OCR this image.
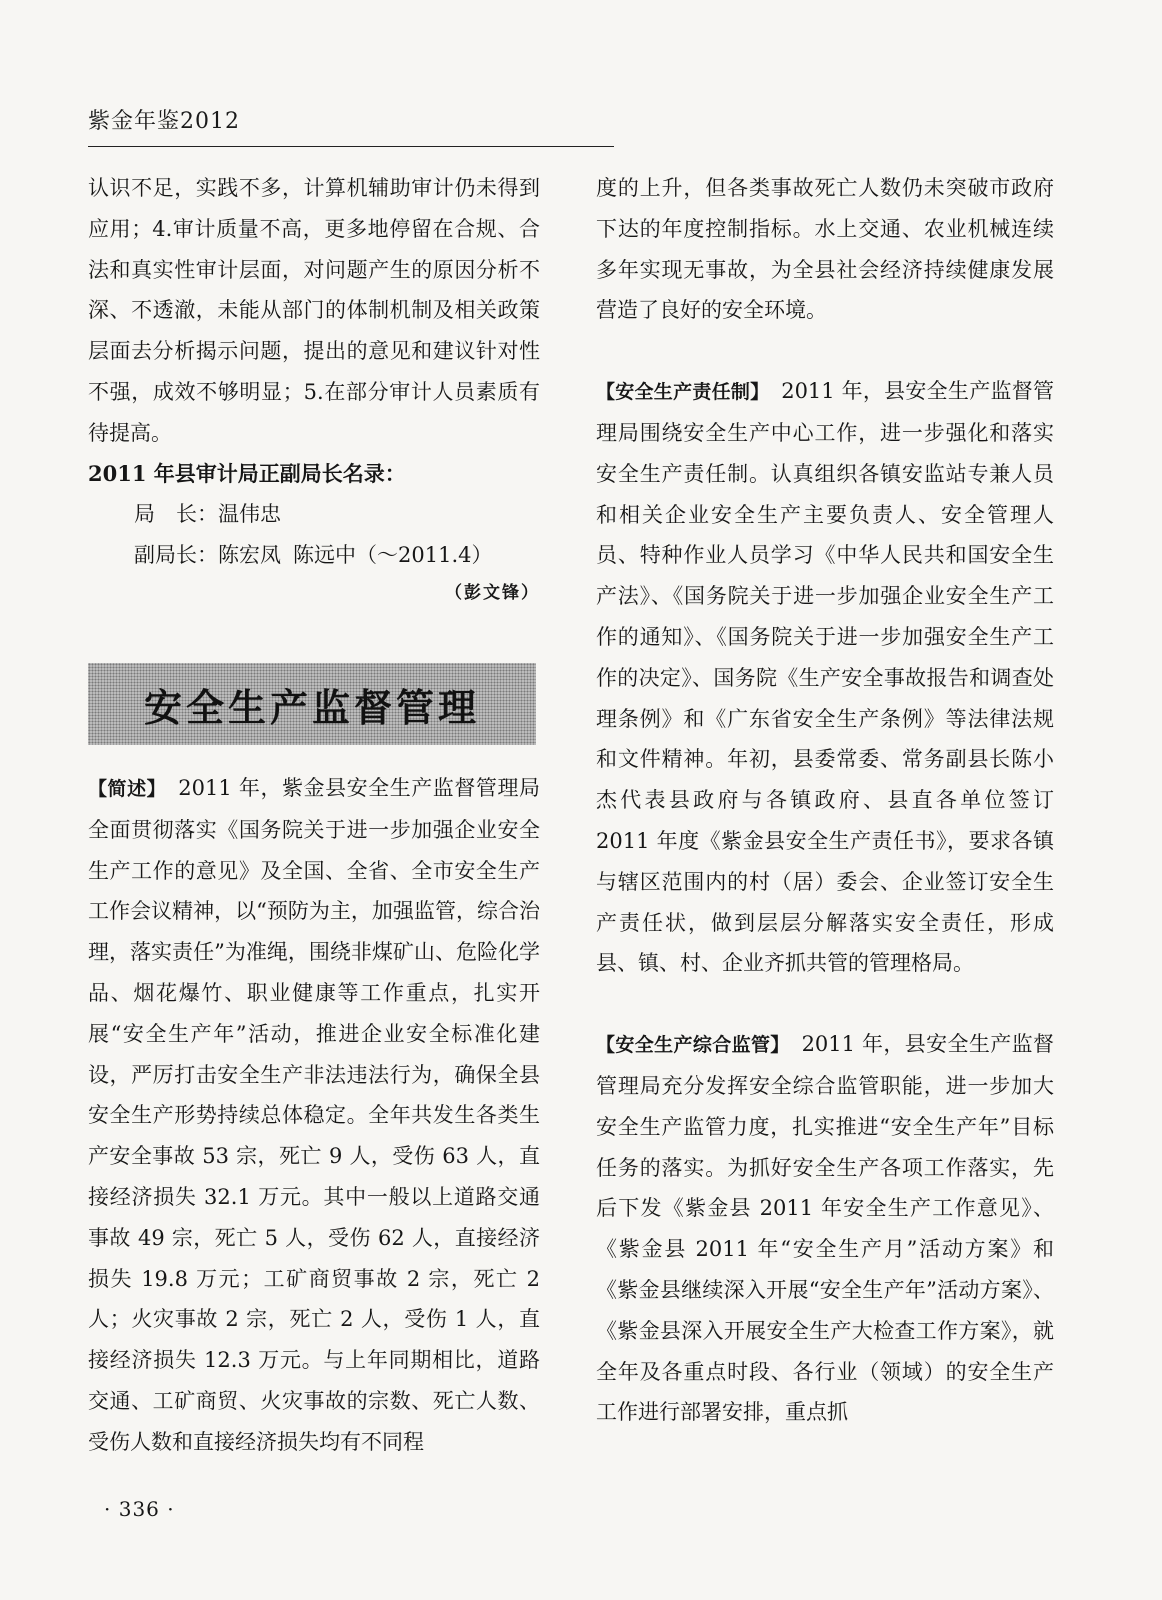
紫金年鉴2012

认识不足，实践不多，计算机辅助审计仍未得到应用；4.审计质量不高，更多地停留在合规、合法和真实性审计层面，对问题产生的原因分析不深、不透澈，未能从部门的体制机制及相关政策层面去分析揭示问题，提出的意见和建议针对性不强，成效不够明显；5.在部分审计人员素质有待提高。

2011 年县审计局正副局长名录：

局　长：温伟忠

副局长：陈宏凤 陈远中（～2011.4）

（彭文锋）

安全生产监督管理

【简述】　 2011 年，紫金县安全生产监督管理局全面贯彻落实《国务院关于进一步加强企业安全生产工作的意见》及全国、全省、全市安全生产工作会议精神，以“预防为主，加强监管，综合治理，落实责任”为准绳，围绕非煤矿山、危险化学品、烟花爆竹、职业健康等工作重点，扎实开展“安全生产年”活动，推进企业安全标准化建设，严厉打击安全生产非法违法行为，确保全县安全生产形势持续总体稳定。全年共发生各类生产安全事故 53 宗，死亡 9 人，受伤 63 人，直接经济损失 32.1 万元。其中一般以上道路交通事故 49 宗，死亡 5 人，受伤 62 人，直接经济损失 19.8 万元；工矿商贸事故 2 宗，死亡 2 人；火灾事故 2 宗，死亡 2 人，受伤 1 人，直接经济损失 12.3 万元。与上年同期相比，道路交通、工矿商贸、火灾事故的宗数、死亡人数、受伤人数和直接经济损失均有不同程

度的上升，但各类事故死亡人数仍未突破市政府下达的年度控制指标。水上交通、农业机械连续多年实现无事故，为全县社会经济持续健康发展营造了良好的安全环境。

【安全生产责任制】　 2011 年，县安全生产监督管理局围绕安全生产中心工作，进一步强化和落实安全生产责任制。认真组织各镇安监站专兼人员和相关企业安全生产主要负责人、安全管理人员、特种作业人员学习《中华人民共和国安全生产法》、《国务院关于进一步加强企业安全生产工作的通知》、《国务院关于进一步加强安全生产工作的决定》、国务院《生产安全事故报告和调查处理条例》和《广东省安全生产条例》等法律法规和文件精神。年初，县委常委、常务副县长陈小杰代表县政府与各镇政府、县直各单位签订 2011 年度《紫金县安全生产责任书》，要求各镇与辖区范围内的村（居）委会、企业签订安全生产责任状，做到层层分解落实安全责任，形成县、镇、村、企业齐抓共管的管理格局。

【安全生产综合监管】　 2011 年，县安全生产监督管理局充分发挥安全综合监管职能，进一步加大安全生产监管力度，扎实推进“安全生产年”目标任务的落实。为抓好安全生产各项工作落实，先后下发《紫金县 2011 年安全生产工作意见》、《紫金县 2011 年“安全生产月”活动方案》和《紫金县继续深入开展“安全生产年”活动方案》、《紫金县深入开展安全生产大检查工作方案》，就全年及各重点时段、各行业（领域）的安全生产工作进行部署安排，重点抓

· 336 ·
